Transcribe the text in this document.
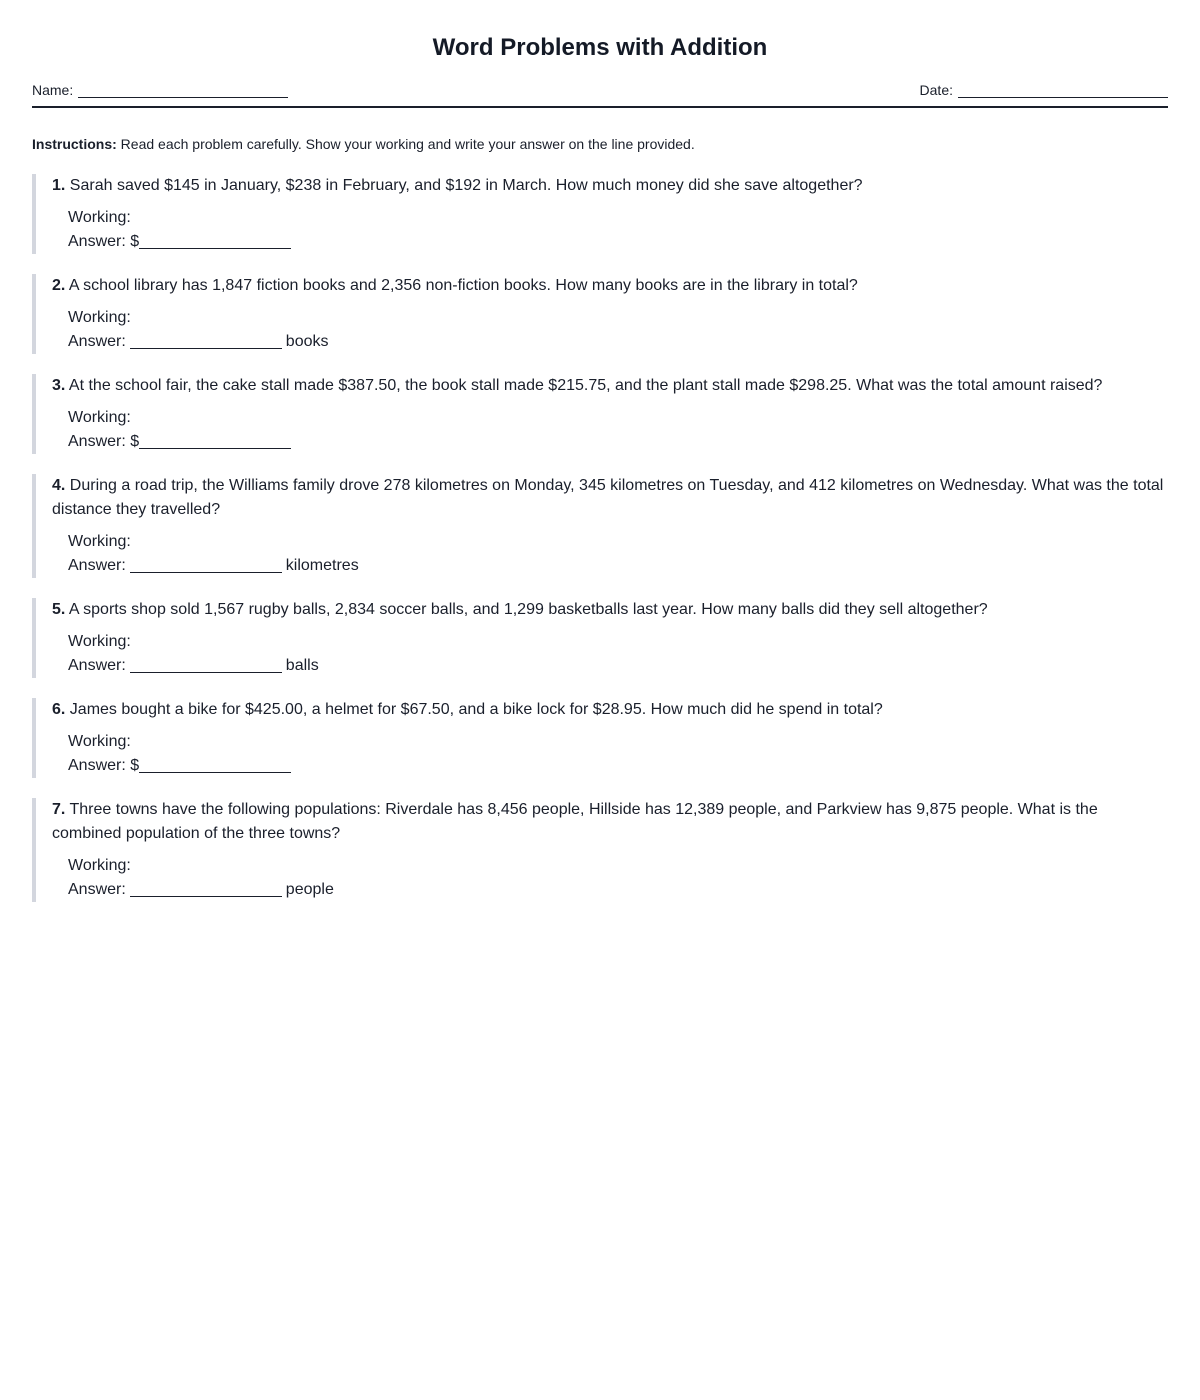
Word Problems with Addition
Name:	Date:
Instructions: Read each problem carefully. Show your working and write your answer on the line provided.

1. Sarah saved $145 in January, $238 in February, and $192 in March. How much money did she save altogether?

Working:
Answer: $

2. A school library has 1,847 fiction books and 2,356 non-fiction books. How many books are in the library in total?

Working:
Answer:	books

3. At the school fair, the cake stall made $387.50, the book stall made $215.75, and the plant stall made $298.25. What was the total amount raised?

Working:
Answer: $

4. During a road trip, the Williams family drove 278 kilometres on Monday, 345 kilometres on Tuesday, and 412 kilometres on Wednesday. What was the total distance they travelled?

Working:
Answer:	kilometres

5. A sports shop sold 1,567 rugby balls, 2,834 soccer balls, and 1,299 basketballs last year. How many balls did they sell altogether?

Working:
Answer:	balls

6. James bought a bike for $425.00, a helmet for $67.50, and a bike lock for $28.95. How much did he spend in total?

Working:
Answer: $

7. Three towns have the following populations: Riverdale has 8,456 people, Hillside has 12,389 people, and Parkview has 9,875 people. What is the combined population of the three towns?

Working:
Answer:	people
